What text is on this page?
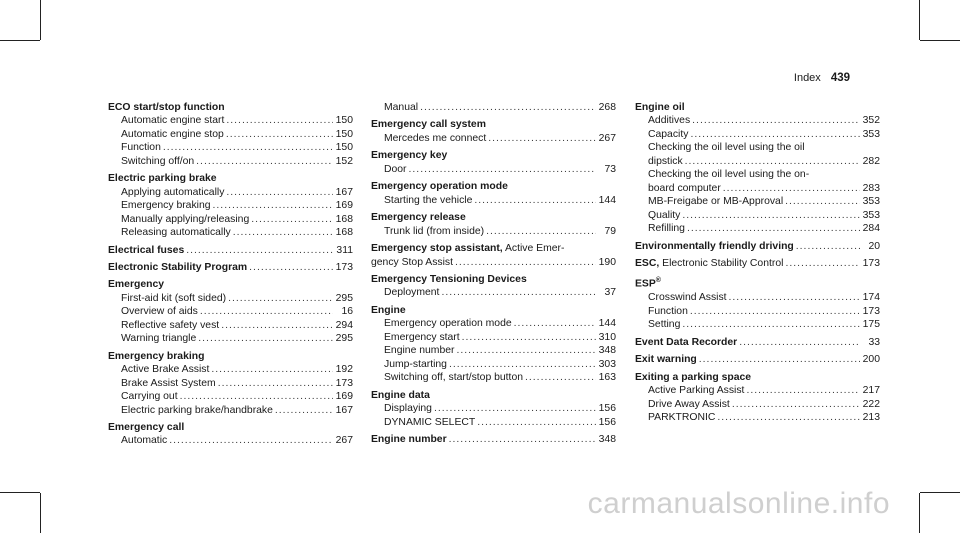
Index 439
ECO start/stop function
Automatic engine start .....	150
Automatic engine stop .....	150
Function .....	150
Switching off/on .....	152
Electric parking brake
Applying automatically .....	167
Emergency braking .....	169
Manually applying/releasing .....	168
Releasing automatically .....	168
Electrical fuses .....	311
Electronic Stability Program .....	173
Emergency
First-aid kit (soft sided) .....	295
Overview of aids .....	16
Reflective safety vest .....	294
Warning triangle .....	295
Emergency braking
Active Brake Assist .....	192
Brake Assist System .....	173
Carrying out .....	169
Electric parking brake/handbrake .....	167
Emergency call
Automatic .....	267
Manual .....	268
Emergency call system
Mercedes me connect .....	267
Emergency key
Door .....	73
Emergency operation mode
Starting the vehicle .....	144
Emergency release
Trunk lid (from inside) .....	79
Emergency stop assistant, Active Emer-
gency Stop Assist .....	190
Emergency Tensioning Devices
Deployment .....	37
Engine
Emergency operation mode .....	144
Emergency start .....	310
Engine number .....	348
Jump-starting .....	303
Switching off, start/stop button .....	163
Engine data
Displaying .....	156
DYNAMIC SELECT .....	156
Engine number .....	348
Engine oil
Additives .....	352
Capacity .....	353
Checking the oil level using the oil
dipstick .....	282
Checking the oil level using the on-
board computer .....	283
MB-Freigabe or MB-Approval .....	353
Quality .....	353
Refilling .....	284
Environmentally friendly driving .....	20
ESC, Electronic Stability Control .....	173
ESP®
Crosswind Assist .....	174
Function .....	173
Setting .....	175
Event Data Recorder .....	33
Exit warning .....	200
Exiting a parking space
Active Parking Assist .....	217
Drive Away Assist .....	222
PARKTRONIC .....	213
carmanualsonline.info
